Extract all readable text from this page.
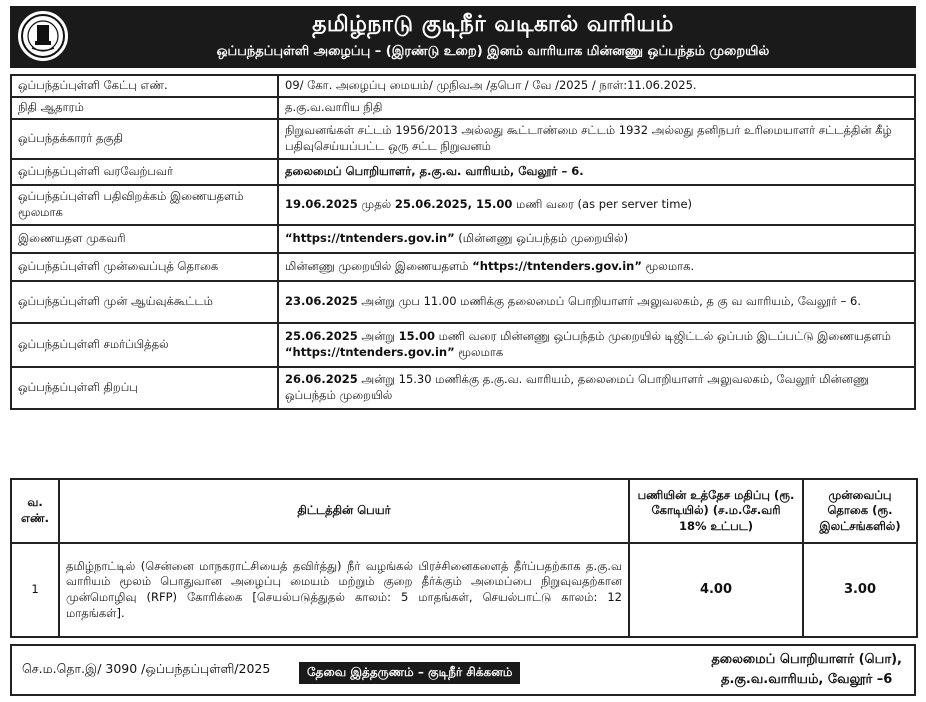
தமிழ்நாடு குடிநீர் வடிகால் வாரியம்
ஒப்பந்தப்புள்ளி அழைப்பு – (இரண்டு உறை) இனம் வாரியாக மின்னணு ஒப்பந்தம் முறையில்
ஒப்பந்தப்புள்ளி கேட்பு எண்.	09/ கோ. அழைப்பு மையம்/ முநிவஅ /தபொ / வே /2025 / நாள்:11.06.2025.
நிதி ஆதாரம்	த.கு.வ.வாரிய நிதி
ஒப்பந்தக்காரர் தகுதி	நிறுவனங்கள் சட்டம் 1956/2013 அல்லது கூட்டாண்மை சட்டம் 1932 அல்லது தனிநபர் உரிமையாளர் சட்டத்தின் கீழ் பதிவுசெய்யப்பட்ட ஒரு சட்ட நிறுவனம்
ஒப்பந்தப்புள்ளி வரவேற்பவர்	தலைமைப் பொறியாளர், த.கு.வ. வாரியம், வேலூர் – 6.
ஒப்பந்தப்புள்ளி பதிவிறக்கம் இணையதளம் மூலமாக	19.06.2025 முதல் 25.06.2025, 15.00 மணி வரை (as per server time)
இணையதள முகவரி	“https://tntenders.gov.in” (மின்னணு ஒப்பந்தம் முறையில்)
ஒப்பந்தப்புள்ளி முன்வைப்புத் தொகை	மின்னணு முறையில் இணையதளம் “https://tntenders.gov.in” மூலமாக.
ஒப்பந்தப்புள்ளி முன் ஆய்வுக்கூட்டம்	23.06.2025 அன்று முப 11.00 மணிக்கு தலைமைப் பொறியாளர் அலுவலகம், த கு வ வாரியம், வேலூர் – 6.
ஒப்பந்தப்புள்ளி சமர்ப்பித்தல்	25.06.2025 அன்று 15.00 மணி வரை மின்னணு ஒப்பந்தம் முறையில் டிஜிட்டல் ஒப்பம் இடப்பட்டு இணையதளம் “https://tntenders.gov.in” மூலமாக
ஒப்பந்தப்புள்ளி திறப்பு	26.06.2025 அன்று 15.30 மணிக்கு த.கு.வ. வாரியம், தலைமைப் பொறியாளர் அலுவலகம், வேலூர் மின்னணு ஒப்பந்தம் முறையில்
வ. எண்.	திட்டத்தின் பெயர்	பணியின் உத்தேச மதிப்பு (ரூ. கோடியில்) (ச.ம.சே.வரி 18% உட்பட)	முன்வைப்பு தொகை (ரூ. இலட்சங்களில்)
1	தமிழ்நாட்டில் (சென்னை மாநகராட்சியைத் தவிர்த்து) நீர் வழங்கல் பிரச்சினைகளைத் தீர்ப்பதற்காக த.கு.வ வாரியம் மூலம் பொதுவான அழைப்பு மையம் மற்றும் குறை தீர்க்கும் அமைப்பை நிறுவுவதற்கான முன்மொழிவு (RFP) கோரிக்கை [செயல்படுத்துதல் காலம்: 5 மாதங்கள், செயல்பாட்டு காலம்: 12 மாதங்கள்].	4.00	3.00
செ.ம.தொ.இ/ 3090 /ஒப்பந்தப்புள்ளி/2025	தேவை இத்தருணம் – குடிநீர் சிக்கனம்
தலைமைப் பொறியாளர் (பொ),
த.கு.வ.வாரியம், வேலூர் –6
